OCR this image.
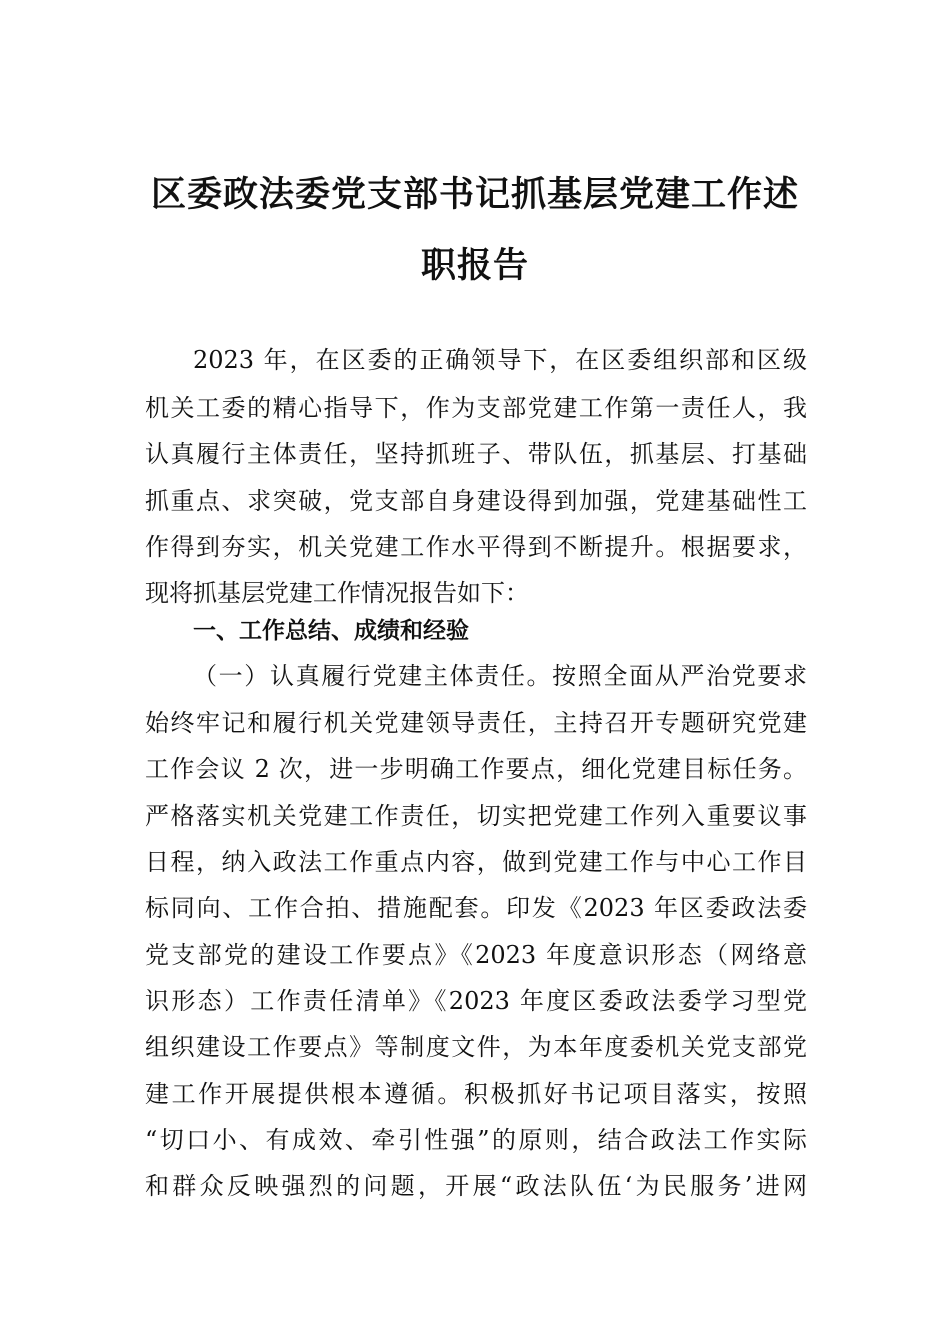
区委政法委党支部书记抓基层党建工作述
职报告

2023 年，在区委的正确领导下，在区委组织部和区级

机关工委的精心指导下，作为支部党建工作第一责任人，我

认真履行主体责任，坚持抓班子、带队伍，抓基层、打基础

抓重点、求突破，党支部自身建设得到加强，党建基础性工

作得到夯实，机关党建工作水平得到不断提升。根据要求，

现将抓基层党建工作情况报告如下：

一、工作总结、成绩和经验

（一）认真履行党建主体责任。按照全面从严治党要求

始终牢记和履行机关党建领导责任，主持召开专题研究党建

工作会议 2 次，进一步明确工作要点，细化党建目标任务。

严格落实机关党建工作责任，切实把党建工作列入重要议事

日程，纳入政法工作重点内容，做到党建工作与中心工作目

标同向、工作合拍、措施配套。印发《2023 年区委政法委

党支部党的建设工作要点》《2023 年度意识形态（网络意

识形态）工作责任清单》《2023 年度区委政法委学习型党

组织建设工作要点》等制度文件，为本年度委机关党支部党

建工作开展提供根本遵循。积极抓好书记项目落实，按照

“切口小、有成效、牵引性强”的原则，结合政法工作实际

和群众反映强烈的问题，开展“政法队伍‘为民服务’进网
